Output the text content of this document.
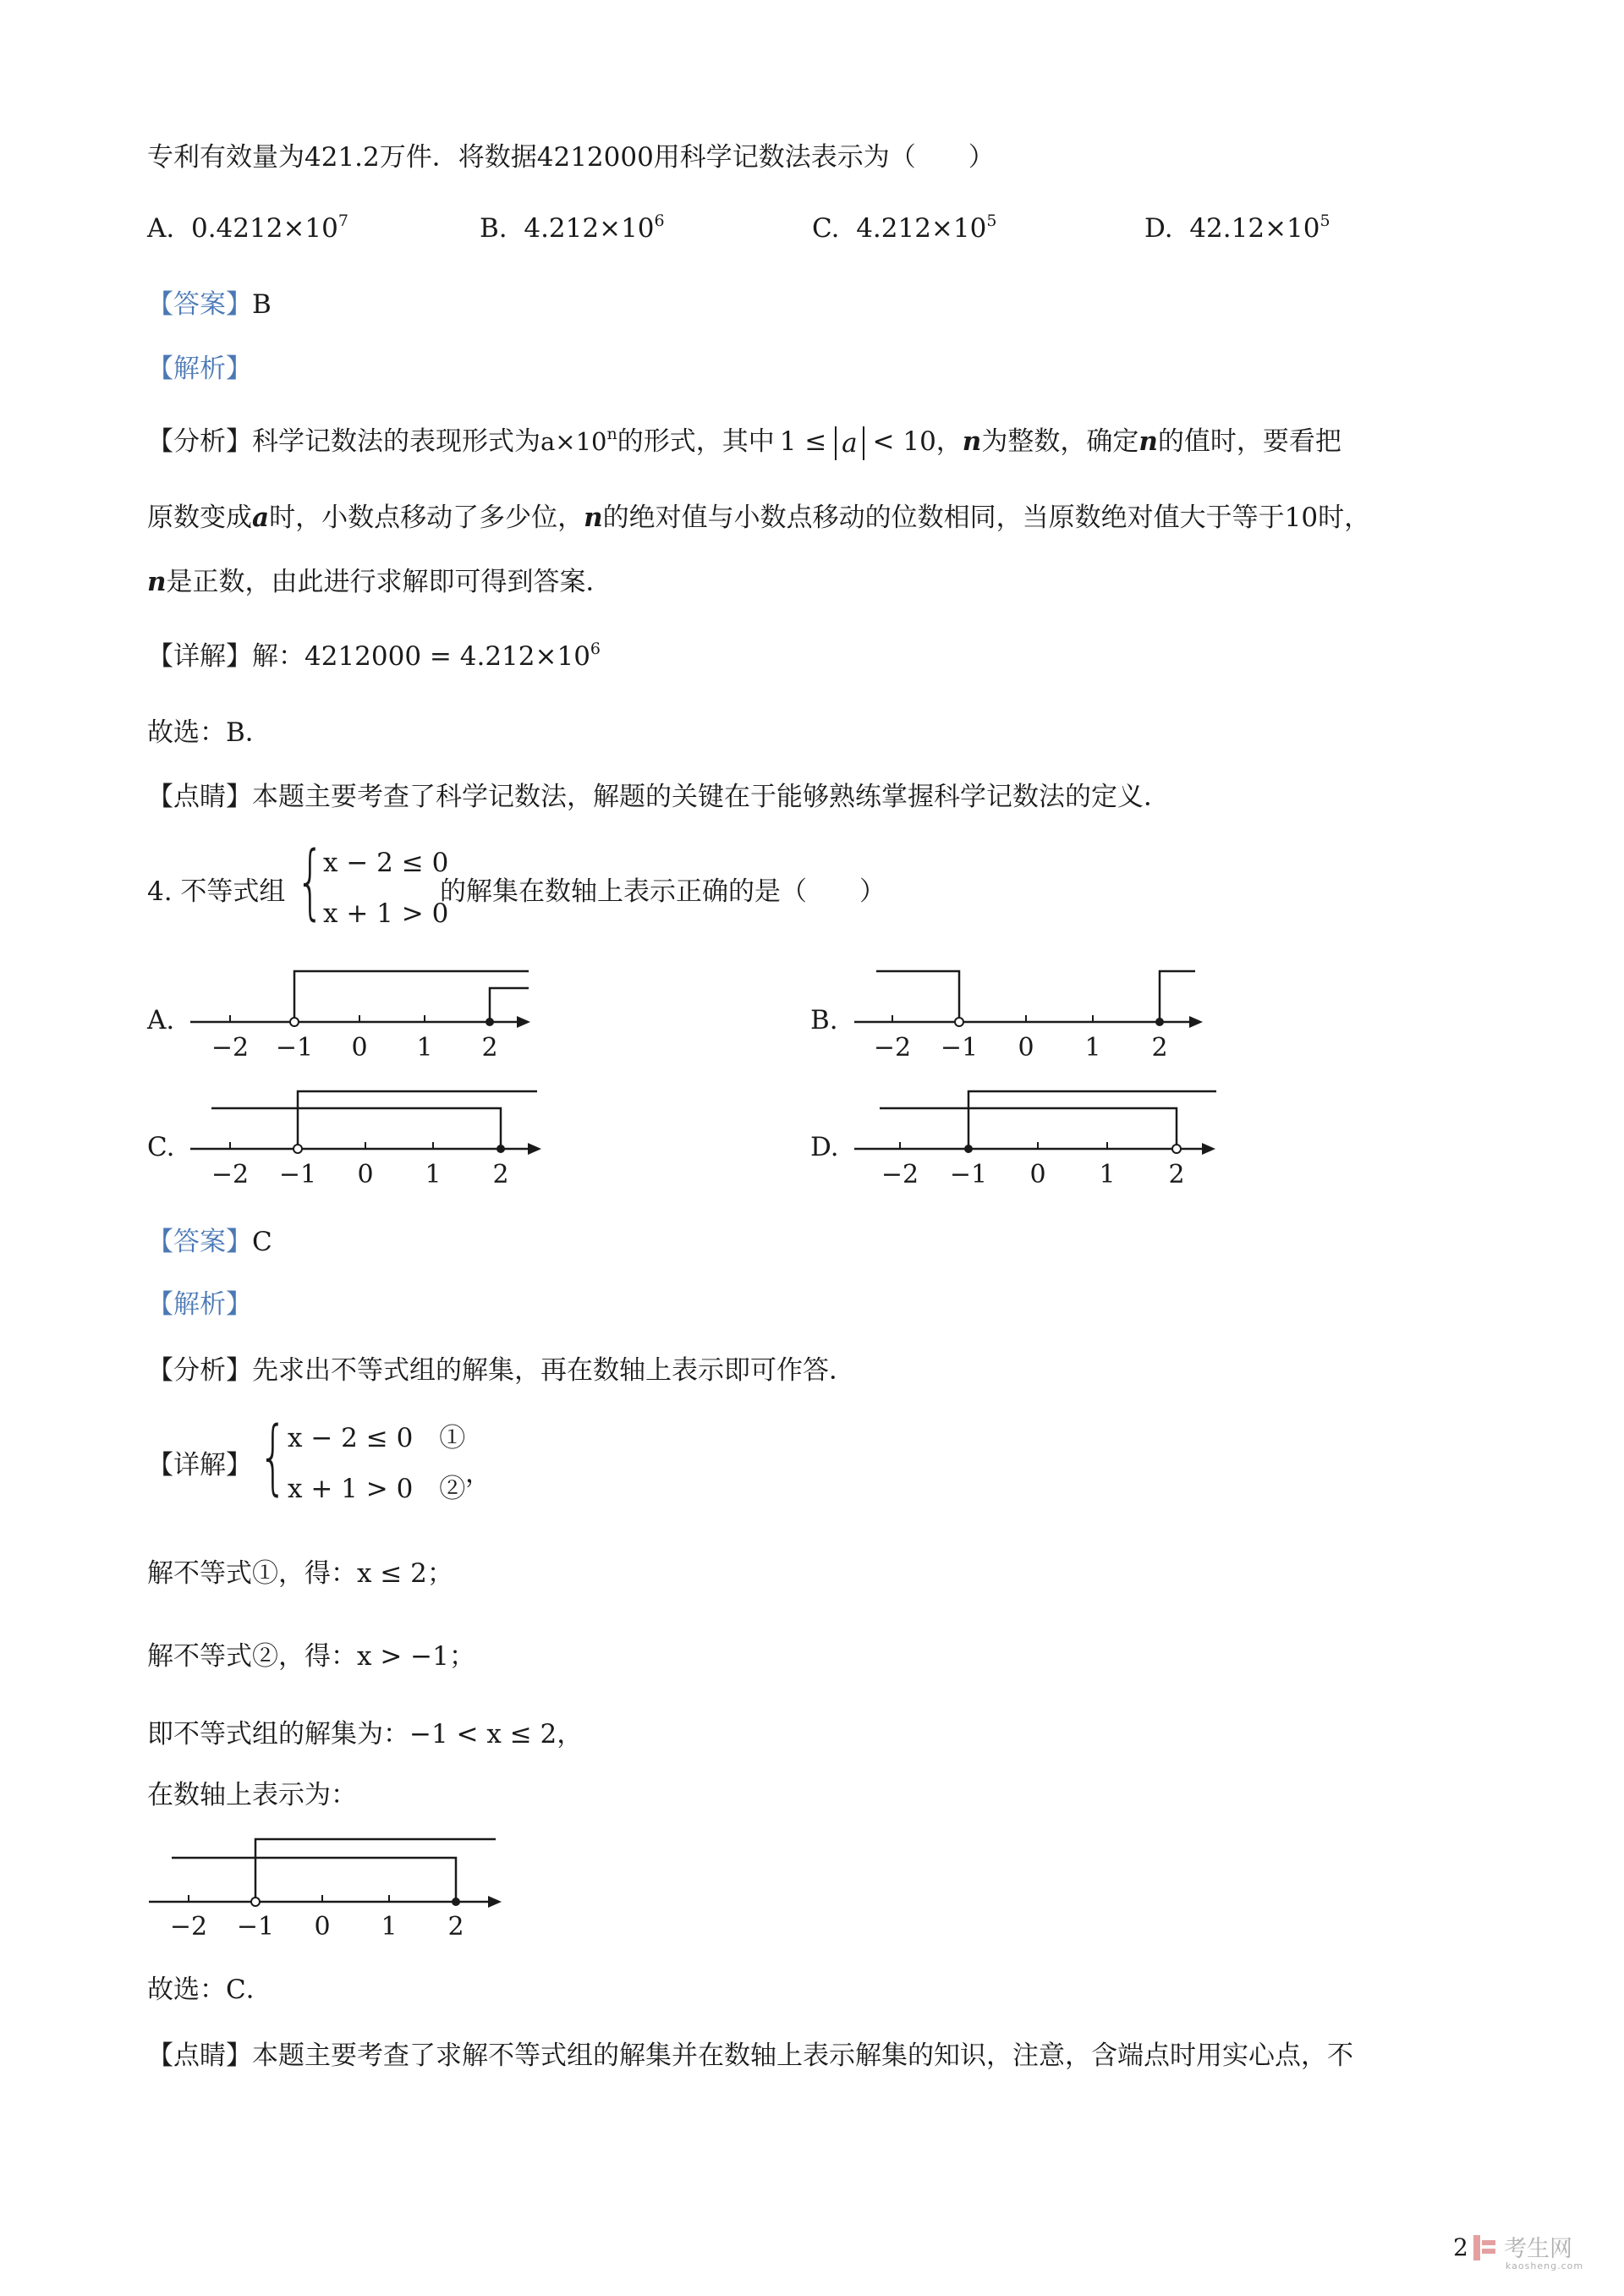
专利有效量为421.2万件．将数据4212000用科学记数法表示为（　　）
A. $0.4212\times 10^7$	B. $4.212\times 10^6$	C. $4.212\times 10^5$	D. $42.12\times 10^5$
【答案】B
【解析】
【分析】科学记数法的表现形式为$a\times 10^n$的形式，其中 1 ≤ a < 10，n为整数，确定n的值时，要看把
原数变成a时，小数点移动了多少位，n的绝对值与小数点移动的位数相同，当原数绝对值大于等于10时，
n是正数，由此进行求解即可得到答案．
【详解】解：$4212000 = 4.212\times 10^6$
故选：B．
【点睛】本题主要考查了科学记数法，解题的关键在于能够熟练掌握科学记数法的定义．
4. 不等式组 {
x − 2 ≤ 0
x + 1 > 0
的解集在数轴上表示正确的是（　　）
A.	B.
C.	D.
−2 −1 0 1 2	−2 −1 0 1 2
−2 −1 0 1 2	−2 −1 0 1 2
【答案】C
【解析】
【分析】先求出不等式组的解集，再在数轴上表示即可作答．
【详解】 { x − 2 ≤ 0　①
x + 1 > 0　② ，
解不等式①，得：x ≤ 2；
解不等式②，得：x > −1；
即不等式组的解集为：−1 < x ≤ 2，
在数轴上表示为：
−2 −1 0 1 2
故选：C．
【点睛】本题主要考查了求解不等式组的解集并在数轴上表示解集的知识，注意，含端点时用实心点，不
2 考生网
kaosheng.com
